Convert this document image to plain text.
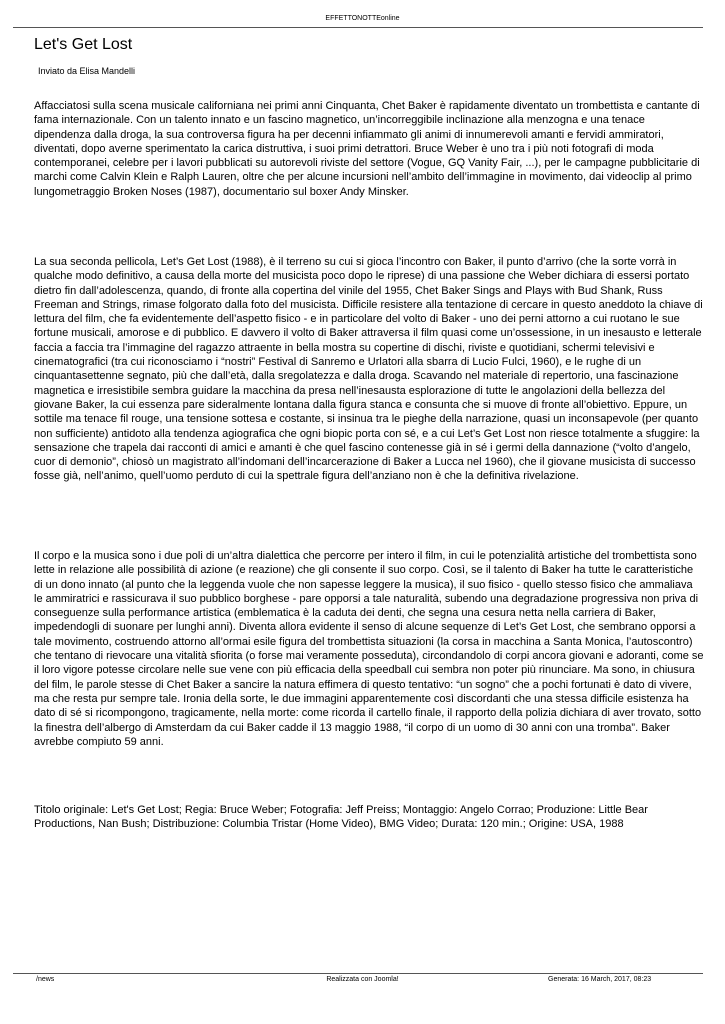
EFFETTONOTTEonline
Let's Get Lost
Inviato da Elisa Mandelli

Affacciatosi sulla scena musicale californiana nei primi anni Cinquanta, Chet Baker è rapidamente diventato un trombettista e cantante di fama internazionale. Con un talento innato e un fascino magnetico, un’incorreggibile inclinazione alla menzogna e una tenace dipendenza dalla droga, la sua controversa figura ha per decenni infiammato gli animi di innumerevoli amanti e fervidi ammiratori, diventati, dopo averne sperimentato la carica distruttiva, i suoi primi detrattori. Bruce Weber è uno tra i più noti fotografi di moda contemporanei, celebre per i lavori pubblicati su autorevoli riviste del settore (Vogue, GQ Vanity Fair, ...), per le campagne pubblicitarie di marchi come Calvin Klein e Ralph Lauren, oltre che per alcune incursioni nell’ambito dell’immagine in movimento, dai videoclip al primo lungometraggio Broken Noses (1987), documentario sul boxer Andy Minsker.

La sua seconda pellicola, Let’s Get Lost (1988), è il terreno su cui si gioca l’incontro con Baker, il punto d’arrivo (che la sorte vorrà in qualche modo definitivo, a causa della morte del musicista poco dopo le riprese) di una passione che Weber dichiara di essersi portato dietro fin dall’adolescenza, quando, di fronte alla copertina del vinile del 1955, Chet Baker Sings and Plays with Bud Shank, Russ Freeman and Strings, rimase folgorato dalla foto del musicista. Difficile resistere alla tentazione di cercare in questo aneddoto la chiave di lettura del film, che fa evidentemente dell’aspetto fisico - e in particolare del volto di Baker - uno dei perni attorno a cui ruotano le sue fortune musicali, amorose e di pubblico. E davvero il volto di Baker attraversa il film quasi come un’ossessione, in un inesausto e letterale faccia a faccia tra l’immagine del ragazzo attraente in bella mostra su copertine di dischi, riviste e quotidiani, schermi televisivi e cinematografici (tra cui riconosciamo i “nostri” Festival di Sanremo e Urlatori alla sbarra di Lucio Fulci, 1960), e le rughe di un cinquantasettenne segnato, più che dall’età, dalla sregolatezza e dalla droga. Scavando nel materiale di repertorio, una fascinazione magnetica e irresistibile sembra guidare la macchina da presa nell’inesausta esplorazione di tutte le angolazioni della bellezza del giovane Baker, la cui essenza pare sideralmente lontana dalla figura stanca e consunta che si muove di fronte all’obiettivo. Eppure, un sottile ma tenace fil rouge, una tensione sottesa e costante, si insinua tra le pieghe della narrazione, quasi un inconsapevole (per quanto non sufficiente) antidoto alla tendenza agiografica che ogni biopic porta con sé, e a cui Let’s Get Lost non riesce totalmente a sfuggire: la sensazione che trapela dai racconti di amici e amanti è che quel fascino contenesse già in sé i germi della dannazione (“volto d’angelo, cuor di demonio”, chiosò un magistrato all’indomani dell’incarcerazione di Baker a Lucca nel 1960), che il giovane musicista di successo fosse già, nell’animo, quell’uomo perduto di cui la spettrale figura dell’anziano non è che la definitiva rivelazione.

Il corpo e la musica sono i due poli di un’altra dialettica che percorre per intero il film, in cui le potenzialità artistiche del trombettista sono lette in relazione alle possibilità di azione (e reazione) che gli consente il suo corpo. Così, se il talento di Baker ha tutte le caratteristiche di un dono innato (al punto che la leggenda vuole che non sapesse leggere la musica), il suo fisico - quello stesso fisico che ammaliava le ammiratrici e rassicurava il suo pubblico borghese - pare opporsi a tale naturalità, subendo una degradazione progressiva non priva di conseguenze sulla performance artistica (emblematica è la caduta dei denti, che segna una cesura netta nella carriera di Baker, impedendogli di suonare per lunghi anni). Diventa allora evidente il senso di alcune sequenze di Let’s Get Lost, che sembrano opporsi a tale movimento, costruendo attorno all’ormai esile figura del trombettista situazioni (la corsa in macchina a Santa Monica, l’autoscontro) che tentano di rievocare una vitalità sfiorita (o forse mai veramente posseduta), circondandolo di corpi ancora giovani e adoranti, come se il loro vigore potesse circolare nelle sue vene con più efficacia della speedball cui sembra non poter più rinunciare. Ma sono, in chiusura del film, le parole stesse di Chet Baker a sancire la natura effimera di questo tentativo: “un sogno” che a pochi fortunati è dato di vivere, ma che resta pur sempre tale. Ironia della sorte, le due immagini apparentemente così discordanti che una stessa difficile esistenza ha dato di sé si ricompongono, tragicamente, nella morte: come ricorda il cartello finale, il rapporto della polizia dichiara di aver trovato, sotto la finestra dell’albergo di Amsterdam da cui Baker cadde il 13 maggio 1988, “il corpo di un uomo di 30 anni con una tromba”. Baker avrebbe compiuto 59 anni.

Titolo originale: Let's Get Lost; Regia: Bruce Weber; Fotografia: Jeff Preiss; Montaggio: Angelo Corrao; Produzione: Little Bear Productions, Nan Bush; Distribuzione: Columbia Tristar (Home Video), BMG Video; Durata: 120 min.; Origine: USA, 1988

/news	Realizzata con Joomla!	Generata: 16 March, 2017, 08:23
